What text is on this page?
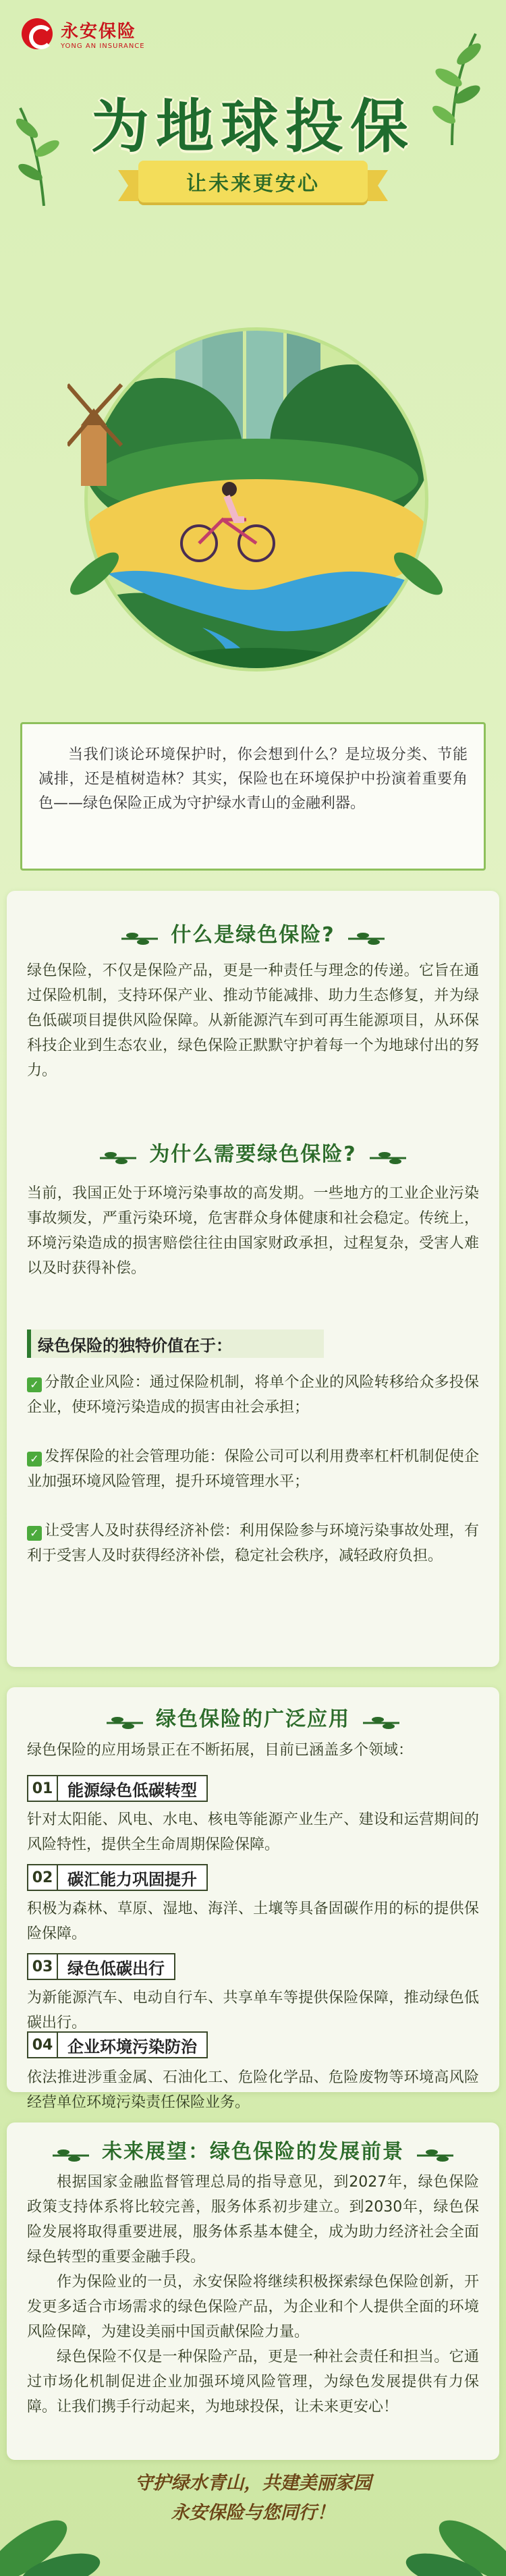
永安保险
YONG AN INSURANCE
为地球投保
让未来更安心

当我们谈论环境保护时，你会想到什么？是垃圾分类、节能减排，还是植树造林？其实，保险也在环境保护中扮演着重要角色——绿色保险正成为守护绿水青山的金融利器。

什么是绿色保险?

绿色保险，不仅是保险产品，更是一种责任与理念的传递。它旨在通过保险机制，支持环保产业、推动节能减排、助力生态修复，并为绿色低碳项目提供风险保障。从新能源汽车到可再生能源项目，从环保科技企业到生态农业，绿色保险正默默守护着每一个为地球付出的努力。

为什么需要绿色保险?

当前，我国正处于环境污染事故的高发期。一些地方的工业企业污染事故频发，严重污染环境，危害群众身体健康和社会稳定。传统上，环境污染造成的损害赔偿往往由国家财政承担，过程复杂，受害人难以及时获得补偿。

绿色保险的独特价值在于：

✓ 分散企业风险：通过保险机制，将单个企业的风险转移给众多投保企业，使环境污染造成的损害由社会承担；

✓ 发挥保险的社会管理功能：保险公司可以利用费率杠杆机制促使企业加强环境风险管理，提升环境管理水平；

✓ 让受害人及时获得经济补偿：利用保险参与环境污染事故处理，有利于受害人及时获得经济补偿，稳定社会秩序，减轻政府负担。

绿色保险的广泛应用

绿色保险的应用场景正在不断拓展，目前已涵盖多个领域：

01 能源绿色低碳转型

针对太阳能、风电、水电、核电等能源产业生产、建设和运营期间的风险特性，提供全生命周期保险保障。

02 碳汇能力巩固提升

积极为森林、草原、湿地、海洋、土壤等具备固碳作用的标的提供保险保障。

03 绿色低碳出行

为新能源汽车、电动自行车、共享单车等提供保险保障，推动绿色低碳出行。

04 企业环境污染防治

依法推进涉重金属、石油化工、危险化学品、危险废物等环境高风险经营单位环境污染责任保险业务。

未来展望：绿色保险的发展前景

根据国家金融监督管理总局的指导意见，到2027年，绿色保险政策支持体系将比较完善，服务体系初步建立。到2030年，绿色保险发展将取得重要进展，服务体系基本健全，成为助力经济社会全面绿色转型的重要金融手段。

作为保险业的一员，永安保险将继续积极探索绿色保险创新，开发更多适合市场需求的绿色保险产品，为企业和个人提供全面的环境风险保障，为建设美丽中国贡献保险力量。

绿色保险不仅是一种保险产品，更是一种社会责任和担当。它通过市场化机制促进企业加强环境风险管理，为绿色发展提供有力保障。让我们携手行动起来，为地球投保，让未来更安心！

守护绿水青山，共建美丽家园
永安保险与您同行！
